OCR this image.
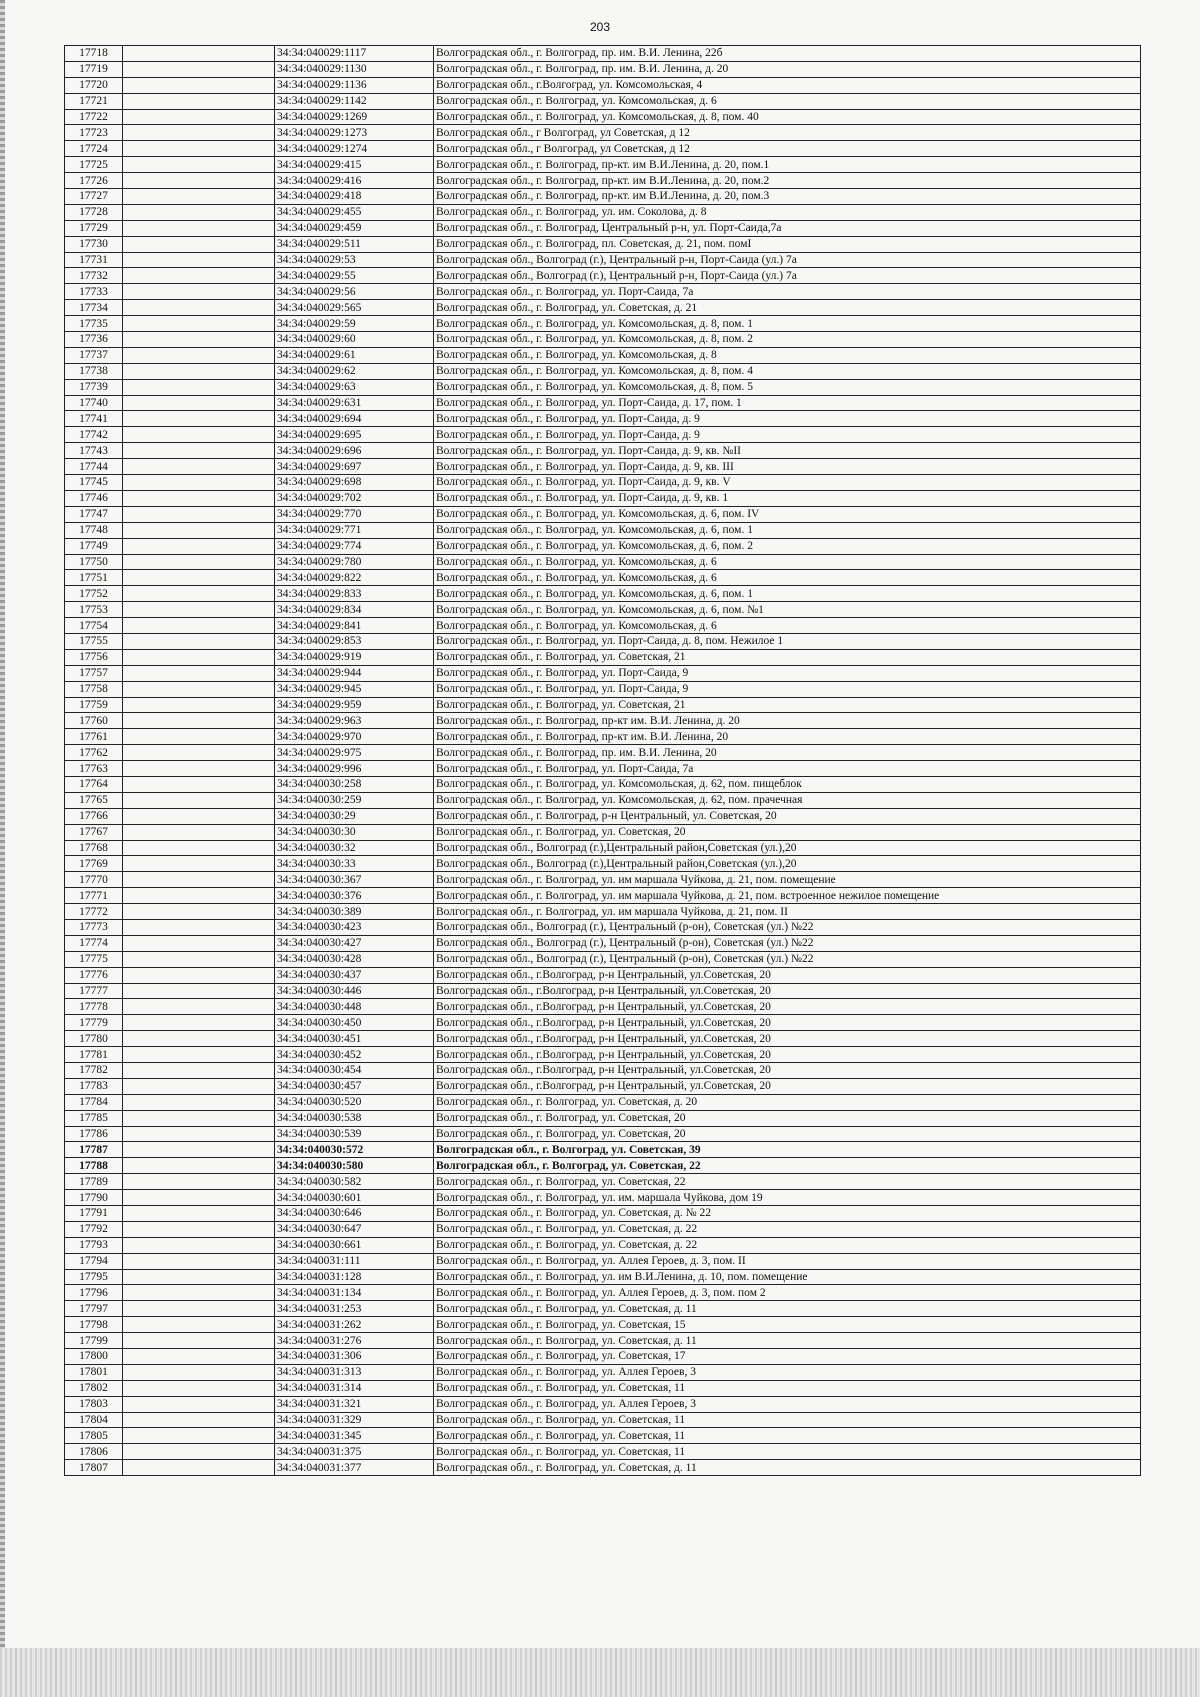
203
17718		34:34:040029:1117	Волгоградская обл., г. Волгоград, пр. им. В.И. Ленина, 22б
17719		34:34:040029:1130	Волгоградская обл., г. Волгоград, пр. им. В.И. Ленина, д. 20
17720		34:34:040029:1136	Волгоградская обл., г.Волгоград, ул. Комсомольская, 4
17721		34:34:040029:1142	Волгоградская обл., г. Волгоград, ул. Комсомольская, д. 6
17722		34:34:040029:1269	Волгоградская обл., г. Волгоград, ул. Комсомольская, д. 8, пом. 40
17723		34:34:040029:1273	Волгоградская обл., г Волгоград, ул Советская, д 12
17724		34:34:040029:1274	Волгоградская обл., г Волгоград, ул Советская, д 12
17725		34:34:040029:415	Волгоградская обл., г. Волгоград, пр-кт. им В.И.Ленина, д. 20, пом.1
17726		34:34:040029:416	Волгоградская обл., г. Волгоград, пр-кт. им В.И.Ленина, д. 20, пом.2
17727		34:34:040029:418	Волгоградская обл., г. Волгоград, пр-кт. им В.И.Ленина, д. 20, пом.3
17728		34:34:040029:455	Волгоградская обл., г. Волгоград, ул. им. Соколова, д. 8
17729		34:34:040029:459	Волгоградская обл., г. Волгоград, Центральный р-н, ул. Порт-Саида,7а
17730		34:34:040029:511	Волгоградская обл., г. Волгоград, пл. Советская, д. 21, пом. помI
17731		34:34:040029:53	Волгоградская обл., Волгоград (г.), Центральный р-н, Порт-Саида (ул.) 7а
17732		34:34:040029:55	Волгоградская обл., Волгоград (г.), Центральный р-н, Порт-Саида (ул.) 7а
17733		34:34:040029:56	Волгоградская обл., г. Волгоград, ул. Порт-Саида, 7а
17734		34:34:040029:565	Волгоградская обл., г. Волгоград, ул. Советская, д. 21
17735		34:34:040029:59	Волгоградская обл., г. Волгоград, ул. Комсомольская, д. 8, пом. 1
17736		34:34:040029:60	Волгоградская обл., г. Волгоград, ул. Комсомольская, д. 8, пом. 2
17737		34:34:040029:61	Волгоградская обл., г. Волгоград, ул. Комсомольская, д. 8
17738		34:34:040029:62	Волгоградская обл., г. Волгоград, ул. Комсомольская, д. 8, пом. 4
17739		34:34:040029:63	Волгоградская обл., г. Волгоград, ул. Комсомольская, д. 8, пом. 5
17740		34:34:040029:631	Волгоградская обл., г. Волгоград, ул. Порт-Саида, д. 17, пом. 1
17741		34:34:040029:694	Волгоградская обл., г. Волгоград, ул. Порт-Саида, д. 9
17742		34:34:040029:695	Волгоградская обл., г. Волгоград, ул. Порт-Саида, д. 9
17743		34:34:040029:696	Волгоградская обл., г. Волгоград, ул. Порт-Саида, д. 9, кв. №II
17744		34:34:040029:697	Волгоградская обл., г. Волгоград, ул. Порт-Саида, д. 9, кв. III
17745		34:34:040029:698	Волгоградская обл., г. Волгоград, ул. Порт-Саида, д. 9, кв. V
17746		34:34:040029:702	Волгоградская обл., г. Волгоград, ул. Порт-Саида, д. 9, кв. 1
17747		34:34:040029:770	Волгоградская обл., г. Волгоград, ул. Комсомольская, д. 6, пом. IV
17748		34:34:040029:771	Волгоградская обл., г. Волгоград, ул. Комсомольская, д. 6, пом. 1
17749		34:34:040029:774	Волгоградская обл., г. Волгоград, ул. Комсомольская, д. 6, пом. 2
17750		34:34:040029:780	Волгоградская обл., г. Волгоград, ул. Комсомольская, д. 6
17751		34:34:040029:822	Волгоградская обл., г. Волгоград, ул. Комсомольская, д. 6
17752		34:34:040029:833	Волгоградская обл., г. Волгоград, ул. Комсомольская, д. 6, пом. 1
17753		34:34:040029:834	Волгоградская обл., г. Волгоград, ул. Комсомольская, д. 6, пом. №1
17754		34:34:040029:841	Волгоградская обл., г. Волгоград, ул. Комсомольская, д. 6
17755		34:34:040029:853	Волгоградская обл., г. Волгоград, ул. Порт-Саида, д. 8, пом. Нежилое 1
17756		34:34:040029:919	Волгоградская обл., г. Волгоград, ул. Советская, 21
17757		34:34:040029:944	Волгоградская обл., г. Волгоград, ул. Порт-Саида, 9
17758		34:34:040029:945	Волгоградская обл., г. Волгоград, ул. Порт-Саида, 9
17759		34:34:040029:959	Волгоградская обл., г. Волгоград, ул. Советская, 21
17760		34:34:040029:963	Волгоградская обл., г. Волгоград, пр-кт им. В.И. Ленина, д. 20
17761		34:34:040029:970	Волгоградская обл., г. Волгоград, пр-кт им. В.И. Ленина, 20
17762		34:34:040029:975	Волгоградская обл., г. Волгоград, пр. им. В.И. Ленина, 20
17763		34:34:040029:996	Волгоградская обл., г. Волгоград, ул. Порт-Саида, 7а
17764		34:34:040030:258	Волгоградская обл., г. Волгоград, ул. Комсомольская, д. 62, пом. пищеблок
17765		34:34:040030:259	Волгоградская обл., г. Волгоград, ул. Комсомольская, д. 62, пом. прачечная
17766		34:34:040030:29	Волгоградская обл., г. Волгоград, р-н Центральный, ул. Советская, 20
17767		34:34:040030:30	Волгоградская обл., г. Волгоград, ул. Советская, 20
17768		34:34:040030:32	Волгоградская обл., Волгоград (г.),Центральный район,Советская (ул.),20
17769		34:34:040030:33	Волгоградская обл., Волгоград (г.),Центральный район,Советская (ул.),20
17770		34:34:040030:367	Волгоградская обл., г. Волгоград, ул. им маршала Чуйкова, д. 21, пом. помещение
17771		34:34:040030:376	Волгоградская обл., г. Волгоград, ул. им маршала Чуйкова, д. 21, пом. встроенное нежилое помещение
17772		34:34:040030:389	Волгоградская обл., г. Волгоград, ул. им маршала Чуйкова, д. 21, пом. II
17773		34:34:040030:423	Волгоградская обл., Волгоград (г.), Центральный (р-он), Советская (ул.) №22
17774		34:34:040030:427	Волгоградская обл., Волгоград (г.), Центральный (р-он), Советская (ул.) №22
17775		34:34:040030:428	Волгоградская обл., Волгоград (г.), Центральный (р-он), Советская (ул.) №22
17776		34:34:040030:437	Волгоградская обл., г.Волгоград, р-н Центральный, ул.Советская, 20
17777		34:34:040030:446	Волгоградская обл., г.Волгоград, р-н Центральный, ул.Советская, 20
17778		34:34:040030:448	Волгоградская обл., г.Волгоград, р-н Центральный, ул.Советская, 20
17779		34:34:040030:450	Волгоградская обл., г.Волгоград, р-н Центральный, ул.Советская, 20
17780		34:34:040030:451	Волгоградская обл., г.Волгоград, р-н Центральный, ул.Советская, 20
17781		34:34:040030:452	Волгоградская обл., г.Волгоград, р-н Центральный, ул.Советская, 20
17782		34:34:040030:454	Волгоградская обл., г.Волгоград, р-н Центральный, ул.Советская, 20
17783		34:34:040030:457	Волгоградская обл., г.Волгоград, р-н Центральный, ул.Советская, 20
17784		34:34:040030:520	Волгоградская обл., г. Волгоград, ул. Советская, д. 20
17785		34:34:040030:538	Волгоградская обл., г. Волгоград, ул. Советская, 20
17786		34:34:040030:539	Волгоградская обл., г. Волгоград, ул. Советская, 20
17787		34:34:040030:572	Волгоградская обл., г. Волгоград, ул. Советская, 39
17788		34:34:040030:580	Волгоградская обл., г. Волгоград, ул. Советская, 22
17789		34:34:040030:582	Волгоградская обл., г. Волгоград, ул. Советская, 22
17790		34:34:040030:601	Волгоградская обл., г. Волгоград, ул. им. маршала Чуйкова, дом 19
17791		34:34:040030:646	Волгоградская обл., г. Волгоград, ул. Советская, д. № 22
17792		34:34:040030:647	Волгоградская обл., г. Волгоград, ул. Советская, д. 22
17793		34:34:040030:661	Волгоградская обл., г. Волгоград, ул. Советская, д. 22
17794		34:34:040031:111	Волгоградская обл., г. Волгоград, ул. Аллея Героев, д. 3, пом. II
17795		34:34:040031:128	Волгоградская обл., г. Волгоград, ул. им В.И.Ленина, д. 10, пом. помещение
17796		34:34:040031:134	Волгоградская обл., г. Волгоград, ул. Аллея Героев, д. 3, пом. пом 2
17797		34:34:040031:253	Волгоградская обл., г. Волгоград, ул. Советская, д. 11
17798		34:34:040031:262	Волгоградская обл., г. Волгоград, ул. Советская, 15
17799		34:34:040031:276	Волгоградская обл., г. Волгоград, ул. Советская, д. 11
17800		34:34:040031:306	Волгоградская обл., г. Волгоград, ул. Советская, 17
17801		34:34:040031:313	Волгоградская обл., г. Волгоград, ул. Аллея Героев, 3
17802		34:34:040031:314	Волгоградская обл., г. Волгоград, ул. Советская, 11
17803		34:34:040031:321	Волгоградская обл., г. Волгоград, ул. Аллея Героев, 3
17804		34:34:040031:329	Волгоградская обл., г. Волгоград, ул. Советская, 11
17805		34:34:040031:345	Волгоградская обл., г. Волгоград, ул. Советская, 11
17806		34:34:040031:375	Волгоградская обл., г. Волгоград, ул. Советская, 11
17807		34:34:040031:377	Волгоградская обл., г. Волгоград, ул. Советская, д. 11
